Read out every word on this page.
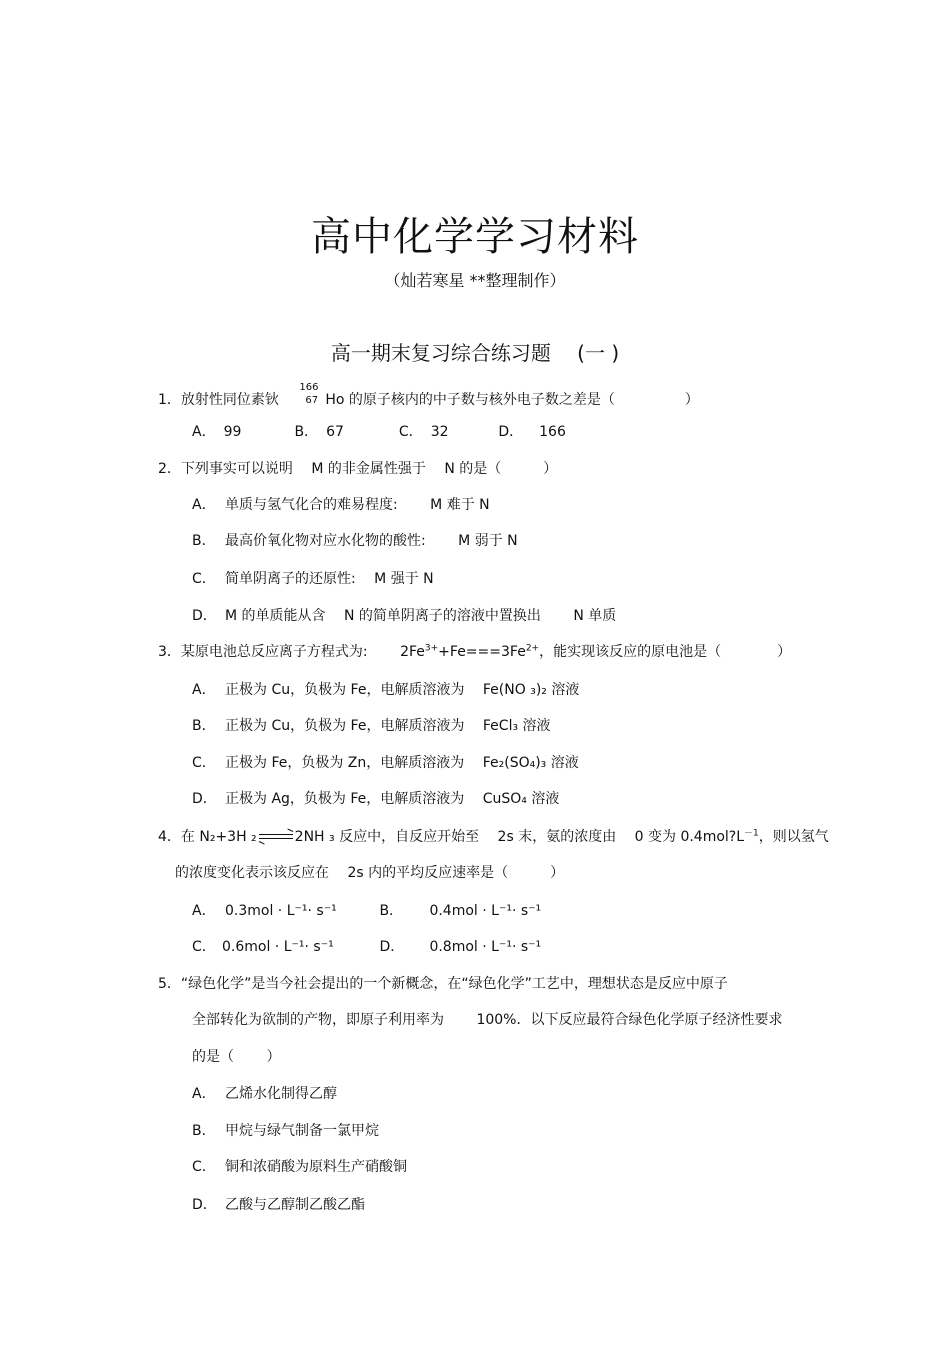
高中化学学习材料
（灿若寒星 **整理制作）
高一期末复习综合练习题　 (一 )
1．放射性同位素钬
166
67 Ho 的原子核内的中子数与核外电子数之差是（　　　　　）
A． 99	B． 67	C． 32	D． 166
2．下列事实可以说明　 M 的非金属性强于　 N 的是（　　　）
A． 单质与氢气化合的难易程度:　　 M 难于 N
B． 最高价氧化物对应水化物的酸性:　　 M 弱于 N
C． 简单阴离子的还原性:　 M 强于 N
D． M 的单质能从含　 N 的简单阴离子的溶液中置换出　　 N 单质
3．某原电池总反应离子方程式为:　　 $2Fe^{3+}+Fe===3Fe^{2+}$，能实现该反应的原电池是（　　　　）
A． 正极为 Cu，负极为 Fe，电解质溶液为　 Fe(NO ₃)₂ 溶液
B． 正极为 Cu，负极为 Fe，电解质溶液为　 FeCl₃ 溶液
C． 正极为 Fe，负极为 Zn，电解质溶液为　 Fe₂(SO₄)₃ 溶液
D． 正极为 Ag，负极为 Fe，电解质溶液为　 CuSO₄ 溶液
4．在 N₂+3H ₂	2NH ₃ 反应中，自反应开始至　 2s 末，氨的浓度由　 0 变为 $0.4mol?L^{-1}$，则以氢气
的浓度变化表示该反应在　 2s 内的平均反应速率是（　　　）
A． 0.3mol · L⁻¹· s⁻¹	B． 0.4mol · L⁻¹· s⁻¹
C． 0.6mol · L⁻¹· s⁻¹	D． 0.8mol · L⁻¹· s⁻¹
5．“绿色化学”是当今社会提出的一个新概念，在“绿色化学”工艺中，理想状态是反应中原子
全部转化为欲制的产物，即原子利用率为　　 100%．以下反应最符合绿色化学原子经济性要求
的是（　　 ）
A． 乙烯水化制得乙醇
B． 甲烷与绿气制备一氯甲烷
C． 铜和浓硝酸为原料生产硝酸铜
D． 乙酸与乙醇制乙酸乙酯
